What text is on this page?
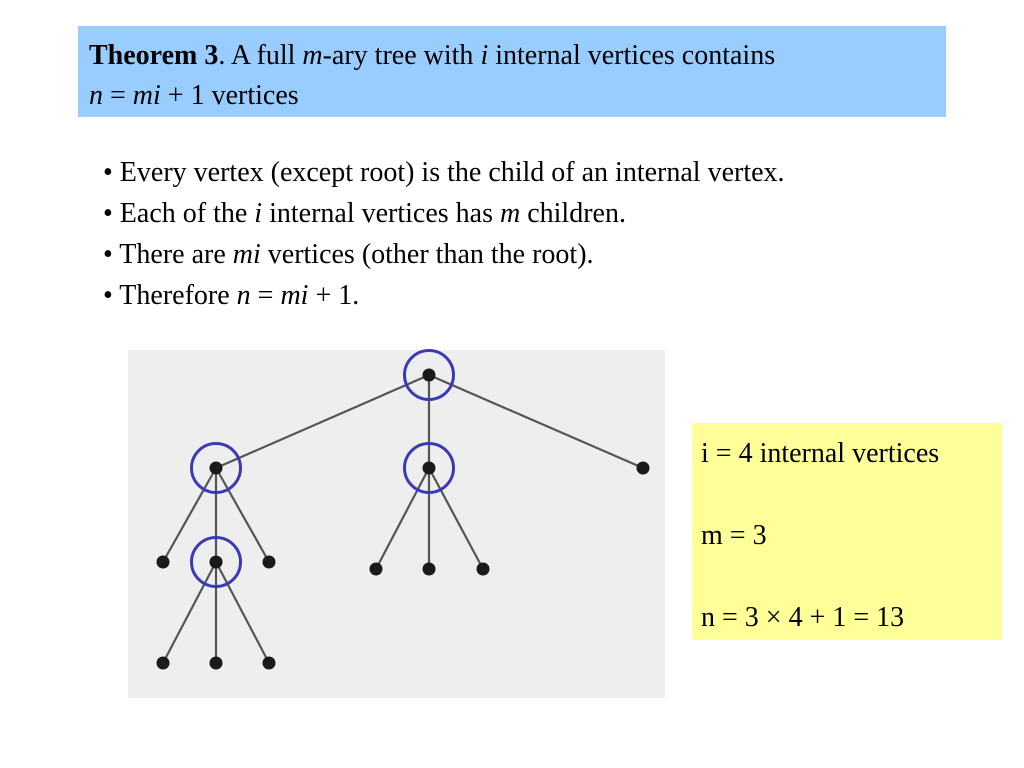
Theorem 3. A full m-ary tree with i internal vertices contains
n = mi + 1 vertices
• Every vertex (except root) is the child of an internal vertex.
• Each of the i internal vertices has m children.
• There are mi vertices (other than the root).
• Therefore n = mi + 1.
i = 4 internal vertices
m = 3
n = 3 × 4 + 1 = 13
